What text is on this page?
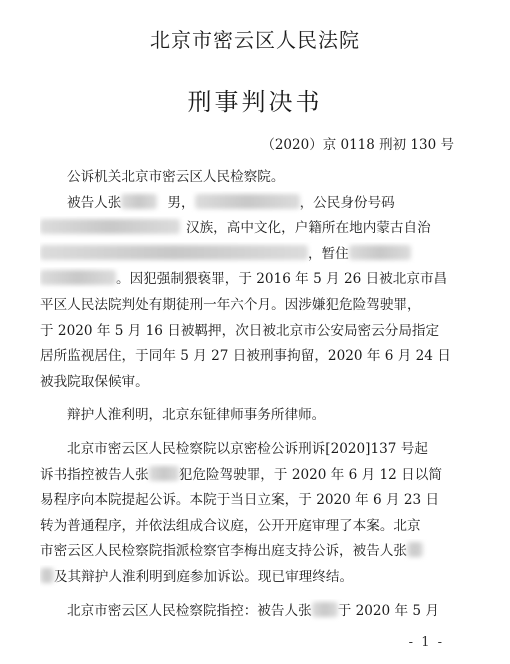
北京市密云区人民法院
刑事判决书
（2020）京 0118 刑初 130 号
公诉机关北京市密云区人民检察院。
被告人张	男，	，公民身份号码
汉族，高中文化，户籍所在地内蒙古自治
，暂住
。因犯强制猥亵罪，于 2016 年 5 月 26 日被北京市昌
平区人民法院判处有期徒刑一年六个月。因涉嫌犯危险驾驶罪，
于 2020 年 5 月 16 日被羁押，次日被北京市公安局密云分局指定
居所监视居住，于同年 5 月 27 日被刑事拘留，2020 年 6 月 24 日
被我院取保候审。
辩护人淮利明，北京东钲律师事务所律师。
北京市密云区人民检察院以京密检公诉刑诉[2020]137 号起
诉书指控被告人张 犯危险驾驶罪，于 2020 年 6 月 12 日以简
易程序向本院提起公诉。本院于当日立案，于 2020 年 6 月 23 日
转为普通程序，并依法组成合议庭，公开开庭审理了本案。北京
市密云区人民检察院指派检察官李梅出庭支持公诉，被告人张
及其辩护人淮利明到庭参加诉讼。现已审理终结。
北京市密云区人民检察院指控：被告人张 于 2020 年 5 月
- 1 -
